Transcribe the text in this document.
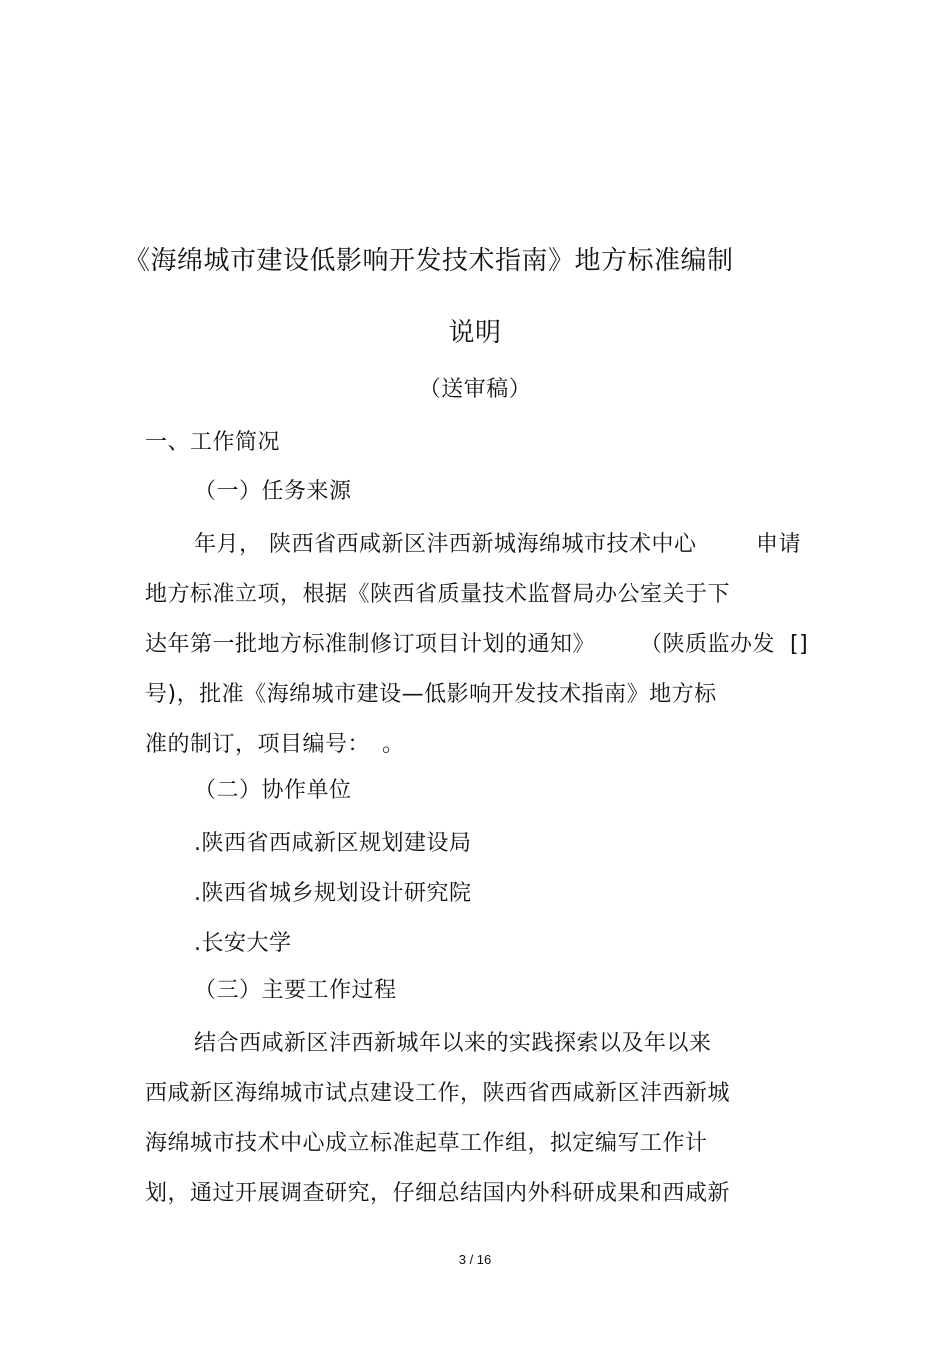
《海绵城市建设低影响开发技术指南》地方标准编制
说明
（送审稿）
一、工作简况
（一）任务来源
年月， 陕西省西咸新区沣西新城海绵城市技术中心	申请
地方标准立项，根据《陕西省质量技术监督局办公室关于下
达年第一批地方标准制修订项目计划的通知》 （陕质监办发 []
号)，批准《海绵城市建设—低影响开发技术指南》地方标
准的制订，项目编号： 。
（二）协作单位
.陕西省西咸新区规划建设局
.陕西省城乡规划设计研究院
.长安大学
（三）主要工作过程
结合西咸新区沣西新城年以来的实践探索以及年以来
西咸新区海绵城市试点建设工作，陕西省西咸新区沣西新城
海绵城市技术中心成立标准起草工作组，拟定编写工作计
划，通过开展调查研究，仔细总结国内外科研成果和西咸新
3 / 16
